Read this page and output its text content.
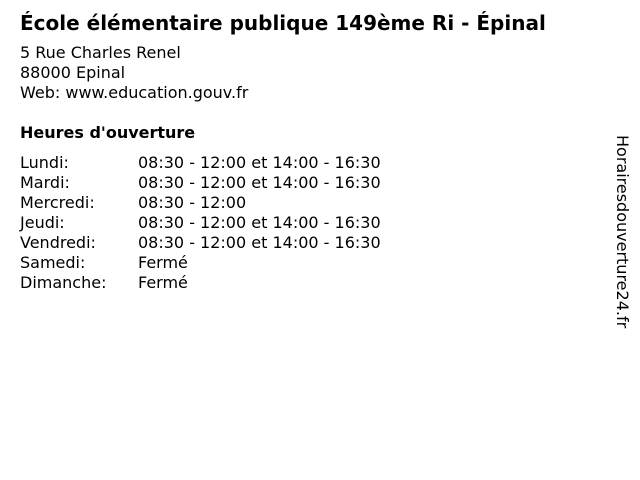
École élémentaire publique 149ème Ri - Épinal
5 Rue Charles Renel
88000 Epinal
Web: www.education.gouv.fr
Heures d'ouverture
Lundi:	08:30 - 12:00 et 14:00 - 16:30
Mardi:	08:30 - 12:00 et 14:00 - 16:30
Mercredi:	08:30 - 12:00
Jeudi:	08:30 - 12:00 et 14:00 - 16:30
Vendredi:	08:30 - 12:00 et 14:00 - 16:30
Samedi:	Fermé
Dimanche:	Fermé	Horairesdouverture24.fr
